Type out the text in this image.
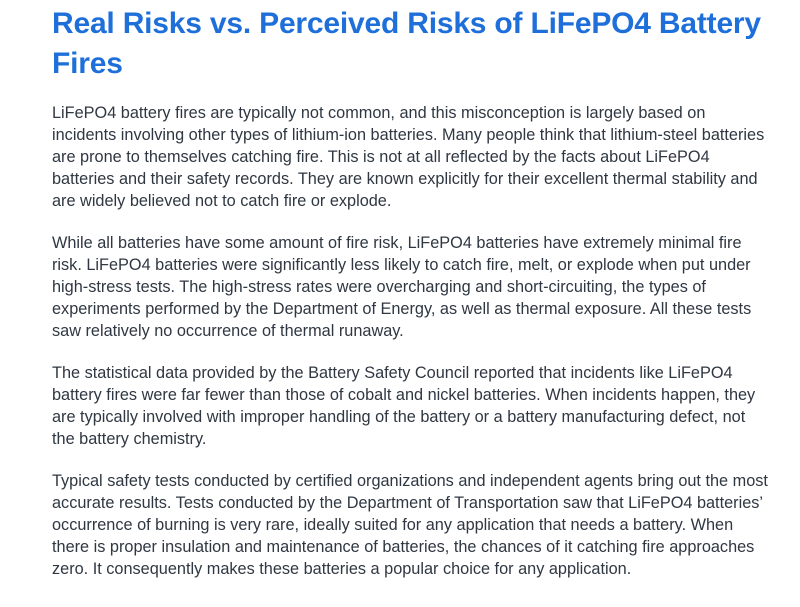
Real Risks vs. Perceived Risks of LiFePO4 Battery Fires

LiFePO4 battery fires are typically not common, and this misconception is largely based on incidents involving other types of lithium-ion batteries. Many people think that lithium-steel batteries are prone to themselves catching fire. This is not at all reflected by the facts about LiFePO4 batteries and their safety records. They are known explicitly for their excellent thermal stability and are widely believed not to catch fire or explode.

While all batteries have some amount of fire risk, LiFePO4 batteries have extremely minimal fire risk. LiFePO4 batteries were significantly less likely to catch fire, melt, or explode when put under high-stress tests. The high-stress rates were overcharging and short-circuiting, the types of experiments performed by the Department of Energy, as well as thermal exposure. All these tests saw relatively no occurrence of thermal runaway.

The statistical data provided by the Battery Safety Council reported that incidents like LiFePO4 battery fires were far fewer than those of cobalt and nickel batteries. When incidents happen, they are typically involved with improper handling of the battery or a battery manufacturing defect, not the battery chemistry.

Typical safety tests conducted by certified organizations and independent agents bring out the most accurate results. Tests conducted by the Department of Transportation saw that LiFePO4 batteries’ occurrence of burning is very rare, ideally suited for any application that needs a battery. When there is proper insulation and maintenance of batteries, the chances of it catching fire approaches zero. It consequently makes these batteries a popular choice for any application.
